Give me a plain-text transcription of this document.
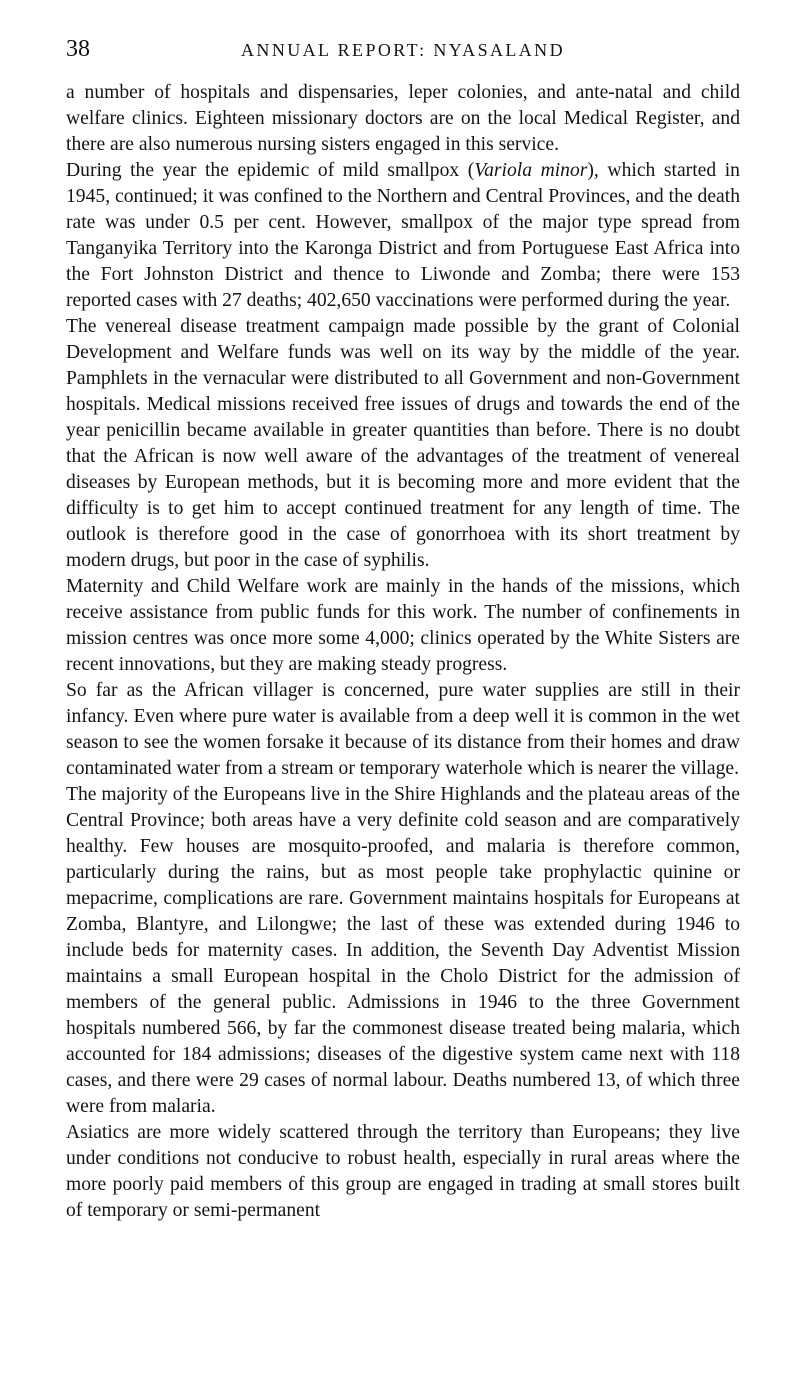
38	ANNUAL REPORT: NYASALAND

a number of hospitals and dispensaries, leper colonies, and ante-natal and child welfare clinics. Eighteen missionary doctors are on the local Medical Register, and there are also numerous nursing sisters engaged in this service.

During the year the epidemic of mild smallpox (Variola minor), which started in 1945, continued; it was confined to the Northern and Central Provinces, and the death rate was under 0.5 per cent. However, smallpox of the major type spread from Tanganyika Territory into the Karonga District and from Portuguese East Africa into the Fort Johnston District and thence to Liwonde and Zomba; there were 153 reported cases with 27 deaths; 402,650 vaccinations were performed during the year.

The venereal disease treatment campaign made possible by the grant of Colonial Development and Welfare funds was well on its way by the middle of the year. Pamphlets in the vernacular were distributed to all Government and non-Government hospitals. Medical missions received free issues of drugs and towards the end of the year penicillin became available in greater quantities than before. There is no doubt that the African is now well aware of the advantages of the treatment of venereal diseases by European methods, but it is becoming more and more evident that the difficulty is to get him to accept continued treatment for any length of time. The outlook is therefore good in the case of gonorrhoea with its short treatment by modern drugs, but poor in the case of syphilis.

Maternity and Child Welfare work are mainly in the hands of the missions, which receive assistance from public funds for this work. The number of confinements in mission centres was once more some 4,000; clinics operated by the White Sisters are recent innovations, but they are making steady progress.

So far as the African villager is concerned, pure water supplies are still in their infancy. Even where pure water is available from a deep well it is common in the wet season to see the women forsake it because of its distance from their homes and draw contaminated water from a stream or temporary waterhole which is nearer the village.

The majority of the Europeans live in the Shire Highlands and the plateau areas of the Central Province; both areas have a very definite cold season and are comparatively healthy. Few houses are mosquito-proofed, and malaria is therefore common, particularly during the rains, but as most people take prophylactic quinine or mepacrime, complications are rare. Government maintains hospitals for Europeans at Zomba, Blantyre, and Lilongwe; the last of these was extended during 1946 to include beds for maternity cases. In addition, the Seventh Day Adventist Mission maintains a small European hospital in the Cholo District for the admission of members of the general public. Admissions in 1946 to the three Government hospitals numbered 566, by far the commonest disease treated being malaria, which accounted for 184 admissions; diseases of the digestive system came next with 118 cases, and there were 29 cases of normal labour. Deaths numbered 13, of which three were from malaria.

Asiatics are more widely scattered through the territory than Europeans; they live under conditions not conducive to robust health, especially in rural areas where the more poorly paid members of this group are engaged in trading at small stores built of temporary or semi-permanent
